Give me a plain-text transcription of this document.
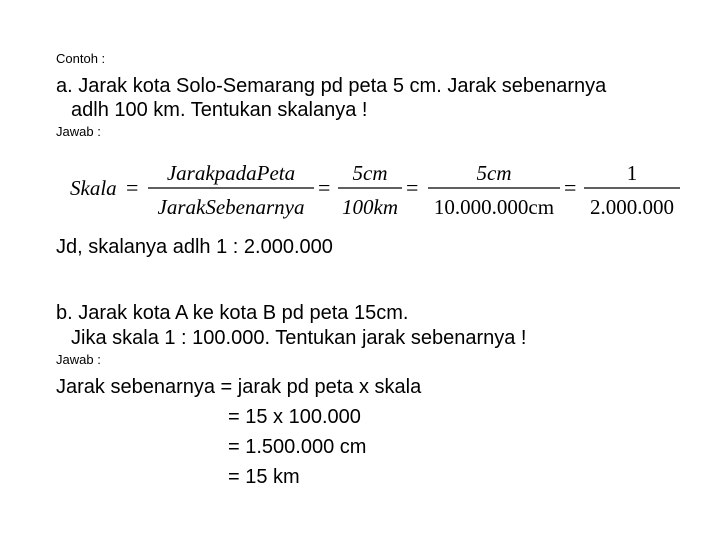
Contoh :
a. Jarak kota Solo-Semarang pd peta 5 cm. Jarak sebenarnya
adlh 100 km. Tentukan skalanya !
Jawab :
Skala =
JarakpadaPeta
JarakSebenarnya
=
5cm
100km
=
5cm
10.000.000cm
=
1
2.000.000
Jd, skalanya adlh 1 : 2.000.000
b. Jarak kota A ke kota B pd peta 15cm.
Jika skala 1 : 100.000. Tentukan jarak sebenarnya !
Jawab :
Jarak sebenarnya = jarak pd peta x skala
= 15 x 100.000
= 1.500.000 cm
= 15 km
